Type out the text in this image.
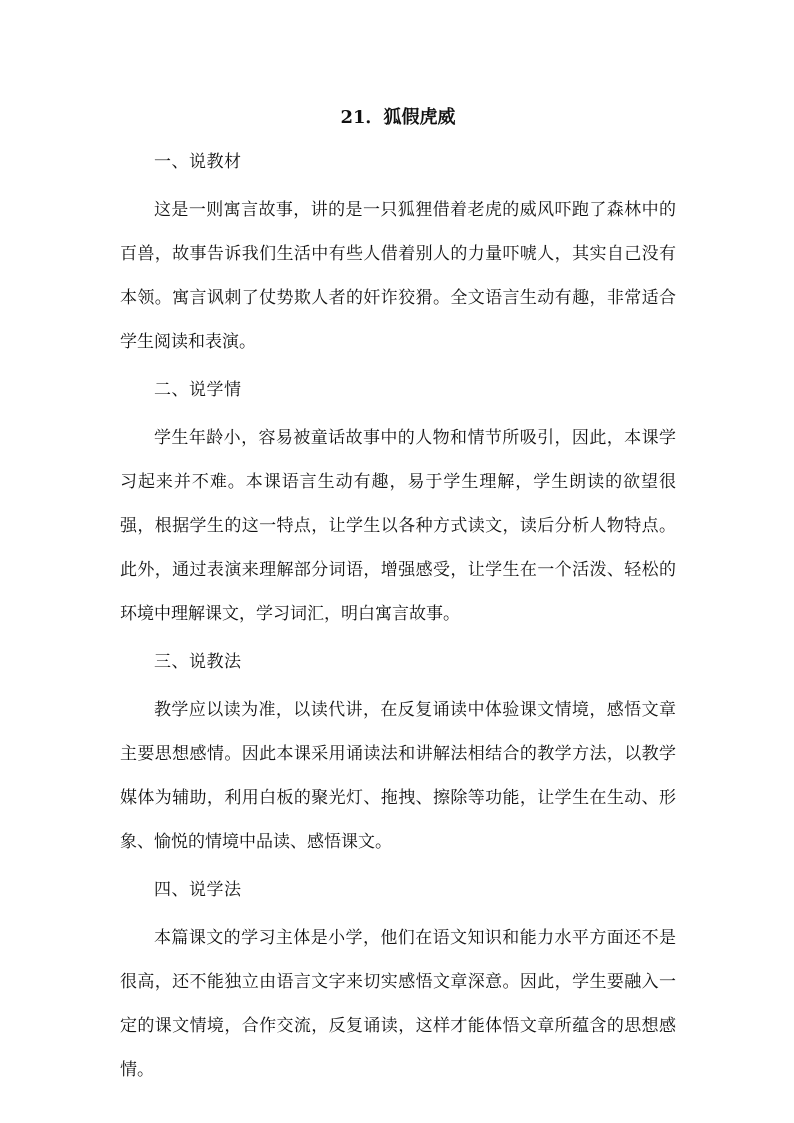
21．狐假虎威
一、说教材
这是一则寓言故事，讲的是一只狐狸借着老虎的威风吓跑了森林中的百兽，故事告诉我们生活中有些人借着别人的力量吓唬人，其实自己没有本领。寓言讽刺了仗势欺人者的奸诈狡猾。全文语言生动有趣，非常适合学生阅读和表演。
二、说学情
学生年龄小，容易被童话故事中的人物和情节所吸引，因此，本课学习起来并不难。本课语言生动有趣，易于学生理解，学生朗读的欲望很强，根据学生的这一特点，让学生以各种方式读文，读后分析人物特点。此外，通过表演来理解部分词语，增强感受，让学生在一个活泼、轻松的环境中理解课文，学习词汇，明白寓言故事。
三、说教法
教学应以读为准，以读代讲，在反复诵读中体验课文情境，感悟文章主要思想感情。因此本课采用诵读法和讲解法相结合的教学方法，以教学媒体为辅助，利用白板的聚光灯、拖拽、擦除等功能，让学生在生动、形象、愉悦的情境中品读、感悟课文。
四、说学法
本篇课文的学习主体是小学，他们在语文知识和能力水平方面还不是很高，还不能独立由语言文字来切实感悟文章深意。因此，学生要融入一定的课文情境，合作交流，反复诵读，这样才能体悟文章所蕴含的思想感情。
